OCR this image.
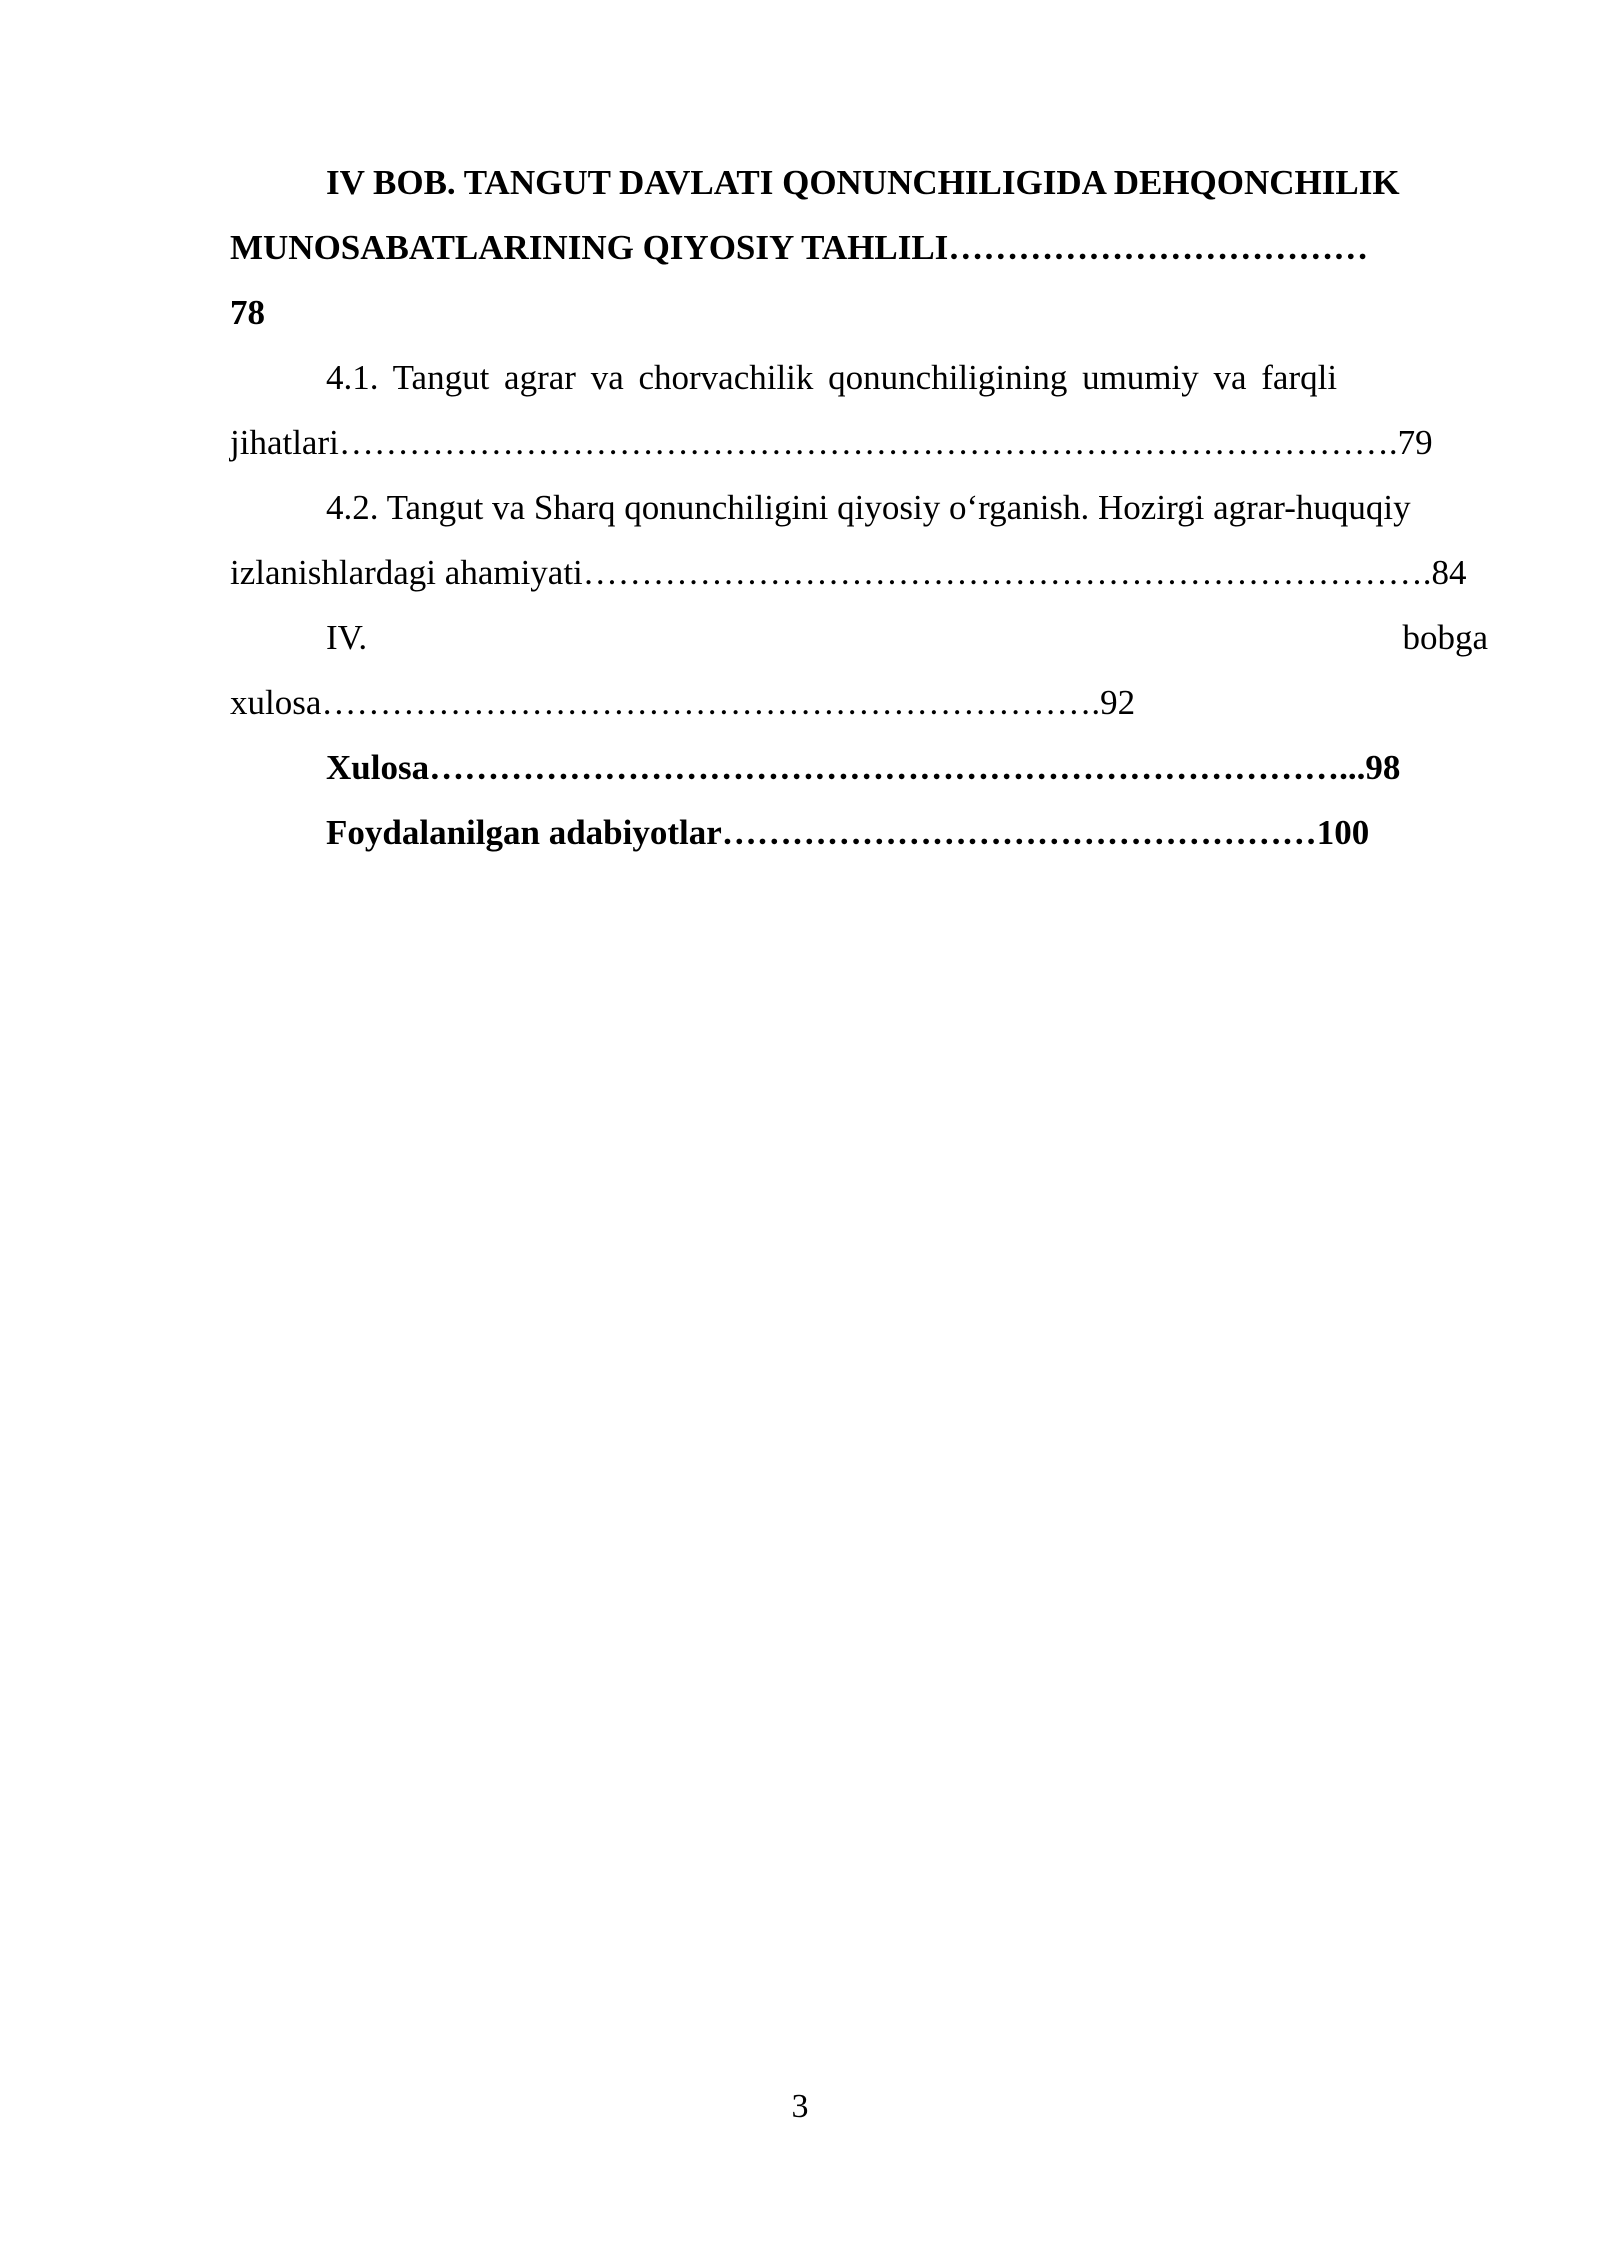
IV BOB. TANGUT DAVLATI QONUNCHILIGIDA DEHQONCHILIK
MUNOSABATLARINING QIYOSIY TAHLILI………………………………
78
4.1. Tangut agrar va chorvachilik qonunchiligining umumiy va farqli
jihatlari……………………………………………………………………………….79
4.2. Tangut va Sharq qonunchiligini qiyosiy o‘rganish. Hozirgi agrar-huquqiy
izlanishlardagi ahamiyati……………………………………………………………….84
IV.	bobga
xulosa………………………………………………………….92
Xulosa……………………………………………………………………...98
Foydalanilgan adabiyotlar……………………………………………100
3
